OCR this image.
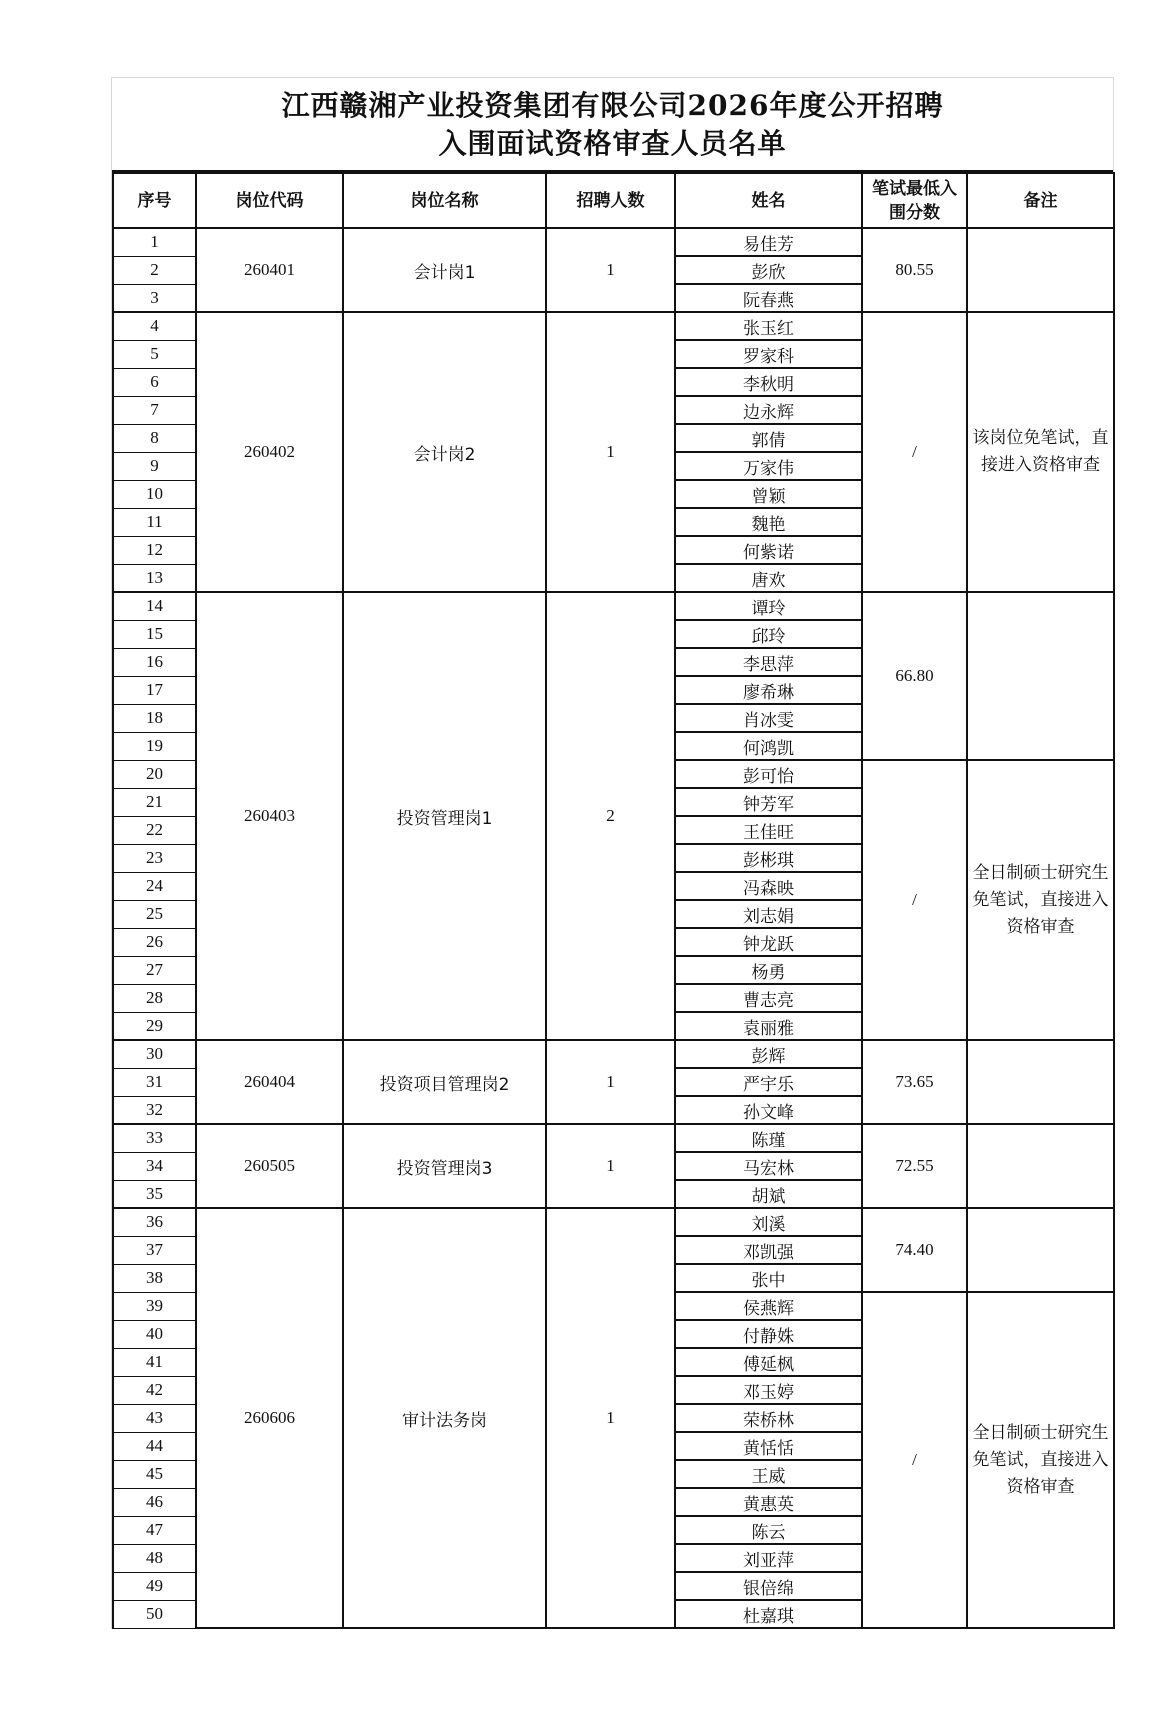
江西赣湘产业投资集团有限公司2026年度公开招聘
入围面试资格审查人员名单
序号	岗位代码	岗位名称	招聘人数	姓名	笔试最低入
围分数	备注
1	260401	会计岗1	1	易佳芳	80.55	
2				彭欣		
3				阮春燕		
4	260402	会计岗2	1	张玉红	/	该岗位免笔试，直接进入资格审查
5				罗家科		
6				李秋明		
7				边永辉		
8				郭倩		
9				万家伟		
10				曾颖		
11				魏艳		
12				何紫诺		
13				唐欢		
14	260403	投资管理岗1	2	谭玲	66.80	
15				邱玲		
16				李思萍		
17				廖希琳		
18				肖冰雯		
19				何鸿凯		
20				彭可怡	/	全日制硕士研究生免笔试，直接进入资格审查
21				钟芳军		
22				王佳旺		
23				彭彬琪		
24				冯森映		
25				刘志娟		
26				钟龙跃		
27				杨勇		
28				曹志亮		
29				袁丽雅		
30	260404	投资项目管理岗2	1	彭辉	73.65	
31				严宇乐		
32				孙文峰		
33	260505	投资管理岗3	1	陈瑾	72.55	
34				马宏林		
35				胡斌		
36	260606	审计法务岗	1	刘溪	74.40	
37				邓凯强		
38				张中		
39				侯燕辉	/	全日制硕士研究生免笔试，直接进入资格审查
40				付静姝		
41				傅延枫		
42				邓玉婷		
43				荣桥林		
44				黄恬恬		
45				王威		
46				黄惠英		
47				陈云		
48				刘亚萍		
49				银倍绵		
50				杜嘉琪		
